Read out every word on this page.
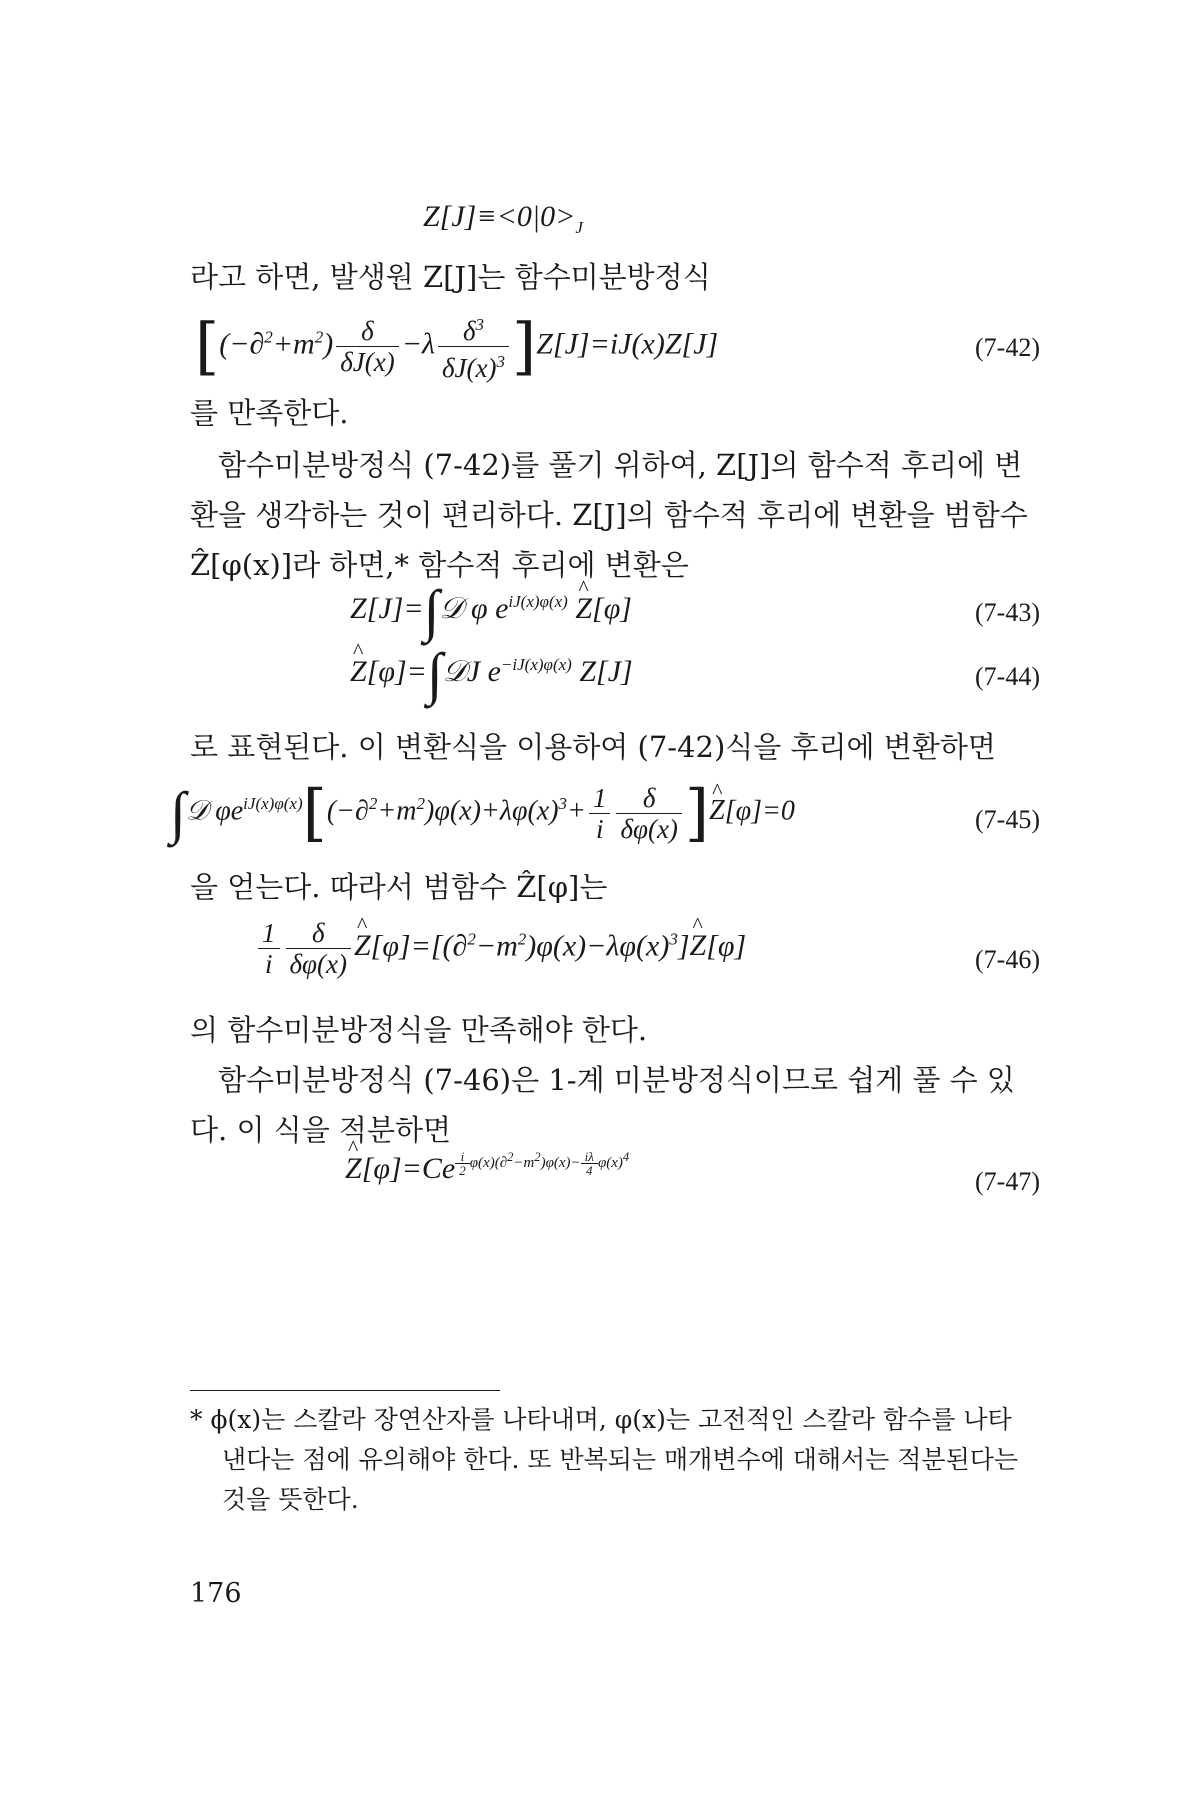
$Z[J]\equiv<0|0>_J$
라고 하면, 발생원 Z[J]는 함수미분방정식
$[(-\partial^2+m^2) \frac{\delta}{\delta J(x)} -\lambda \frac{\delta^3}{\delta J(x)^3} ]Z[J]=iJ(x)Z[J]$	(7-42)
를 만족한다.
함수미분방정식 (7-42)를 풀기 위하여, Z[J]의 함수적 후리에 변환을 생각하는 것이 편리하다. Z[J]의 함수적 후리에 변환을 범함수 Ẑ[φ(x)]라 하면,* 함수적 후리에 변환은
Z[J]=∫𝒟 φ $e^{iJ(x)\varphi(x)}$ ^ Z[φ]	(7-43)
^ Z[φ]=∫𝒟J $e^{-iJ(x)\varphi(x)}$ Z[J]	(7-44)
로 표현된다. 이 변환식을 이용하여 (7-42)식을 후리에 변환하면
∫𝒟 $\varphi e^{iJ(x)\varphi(x)}[(-\partial^2+m^2)\varphi(x)+\lambda\varphi(x)^3+ \frac{1}{i} \frac{\delta}{\delta\varphi(x)}$ ]^ Z[φ]=0	(7-45)
을 얻는다. 따라서 범함수 Ẑ[φ]는
$\frac{1}{i} \frac{\delta}{\delta\varphi(x)}$ ^ $Z[\varphi]=[(\partial^2-m^2)\varphi(x)-\lambda\varphi(x)^3]\^{}$ Z[φ]	(7-46)
의 함수미분방정식을 만족해야 한다.
함수미분방정식 (7-46)은 1-계 미분방정식이므로 쉽게 풀 수 있다. 이 식을 적분하면
^ Z[φ]=Ce $^{\frac{i}{2} \varphi(x)(\partial^2-m^2)\varphi(x)- \frac{i\lambda}{4} \varphi(x)^4}$
(7-47)
* ϕ(x)는 스칼라 장연산자를 나타내며, φ(x)는 고전적인 스칼라 함수를 나타
낸다는 점에 유의해야 한다. 또 반복되는 매개변수에 대해서는 적분된다는
것을 뜻한다.
176
